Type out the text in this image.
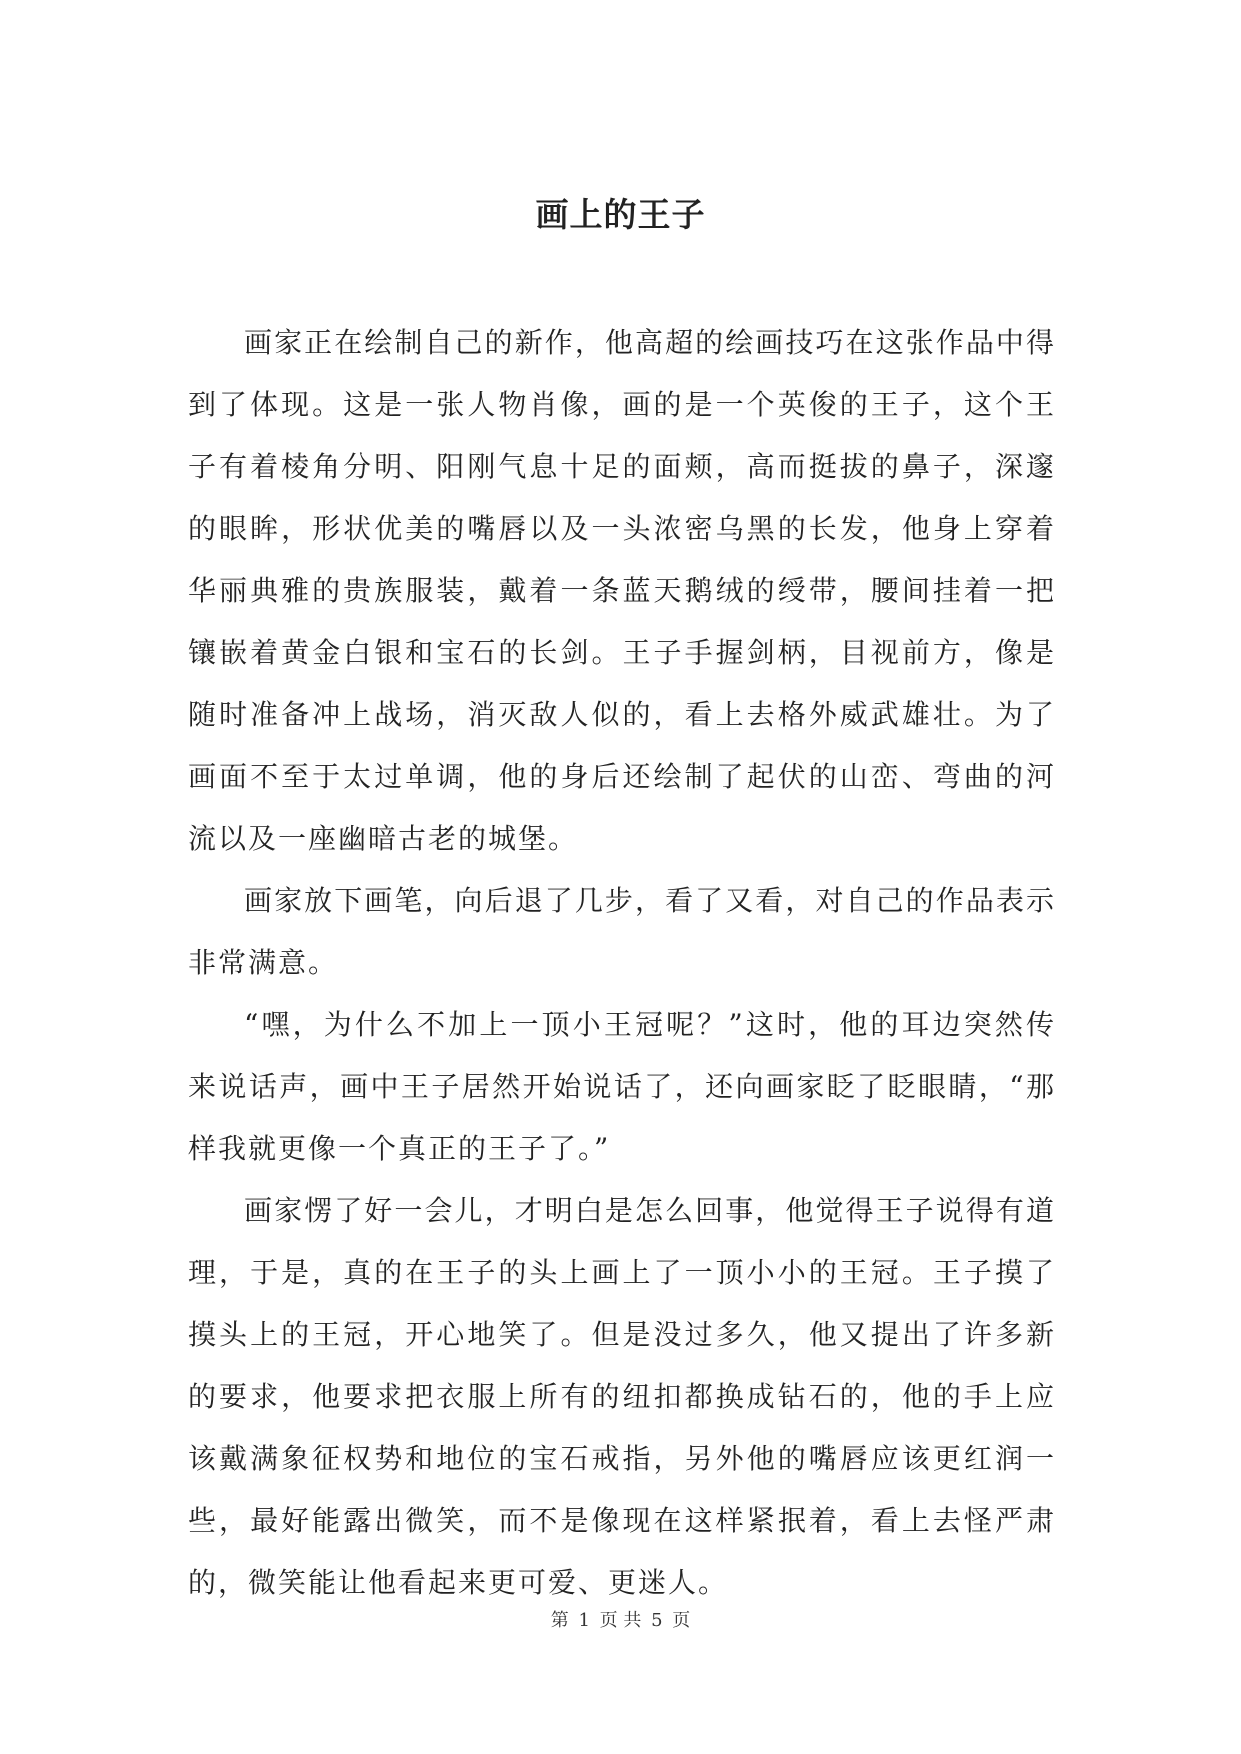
画上的王子

画家正在绘制自己的新作，他高超的绘画技巧在这张作品中得到了体现。这是一张人物肖像，画的是一个英俊的王子，这个王子有着棱角分明、阳刚气息十足的面颊，高而挺拔的鼻子，深邃的眼眸，形状优美的嘴唇以及一头浓密乌黑的长发，他身上穿着华丽典雅的贵族服装，戴着一条蓝天鹅绒的绶带，腰间挂着一把镶嵌着黄金白银和宝石的长剑。王子手握剑柄，目视前方，像是随时准备冲上战场，消灭敌人似的，看上去格外威武雄壮。为了画面不至于太过单调，他的身后还绘制了起伏的山峦、弯曲的河流以及一座幽暗古老的城堡。

画家放下画笔，向后退了几步，看了又看，对自己的作品表示非常满意。

“嘿，为什么不加上一顶小王冠呢？”这时，他的耳边突然传来说话声，画中王子居然开始说话了，还向画家眨了眨眼睛，“那样我就更像一个真正的王子了。”

画家愣了好一会儿，才明白是怎么回事，他觉得王子说得有道理，于是，真的在王子的头上画上了一顶小小的王冠。王子摸了摸头上的王冠，开心地笑了。但是没过多久，他又提出了许多新的要求，他要求把衣服上所有的纽扣都换成钻石的，他的手上应该戴满象征权势和地位的宝石戒指，另外他的嘴唇应该更红润一些，最好能露出微笑，而不是像现在这样紧抿着，看上去怪严肃的，微笑能让他看起来更可爱、更迷人。

第 1 页 共 5 页
